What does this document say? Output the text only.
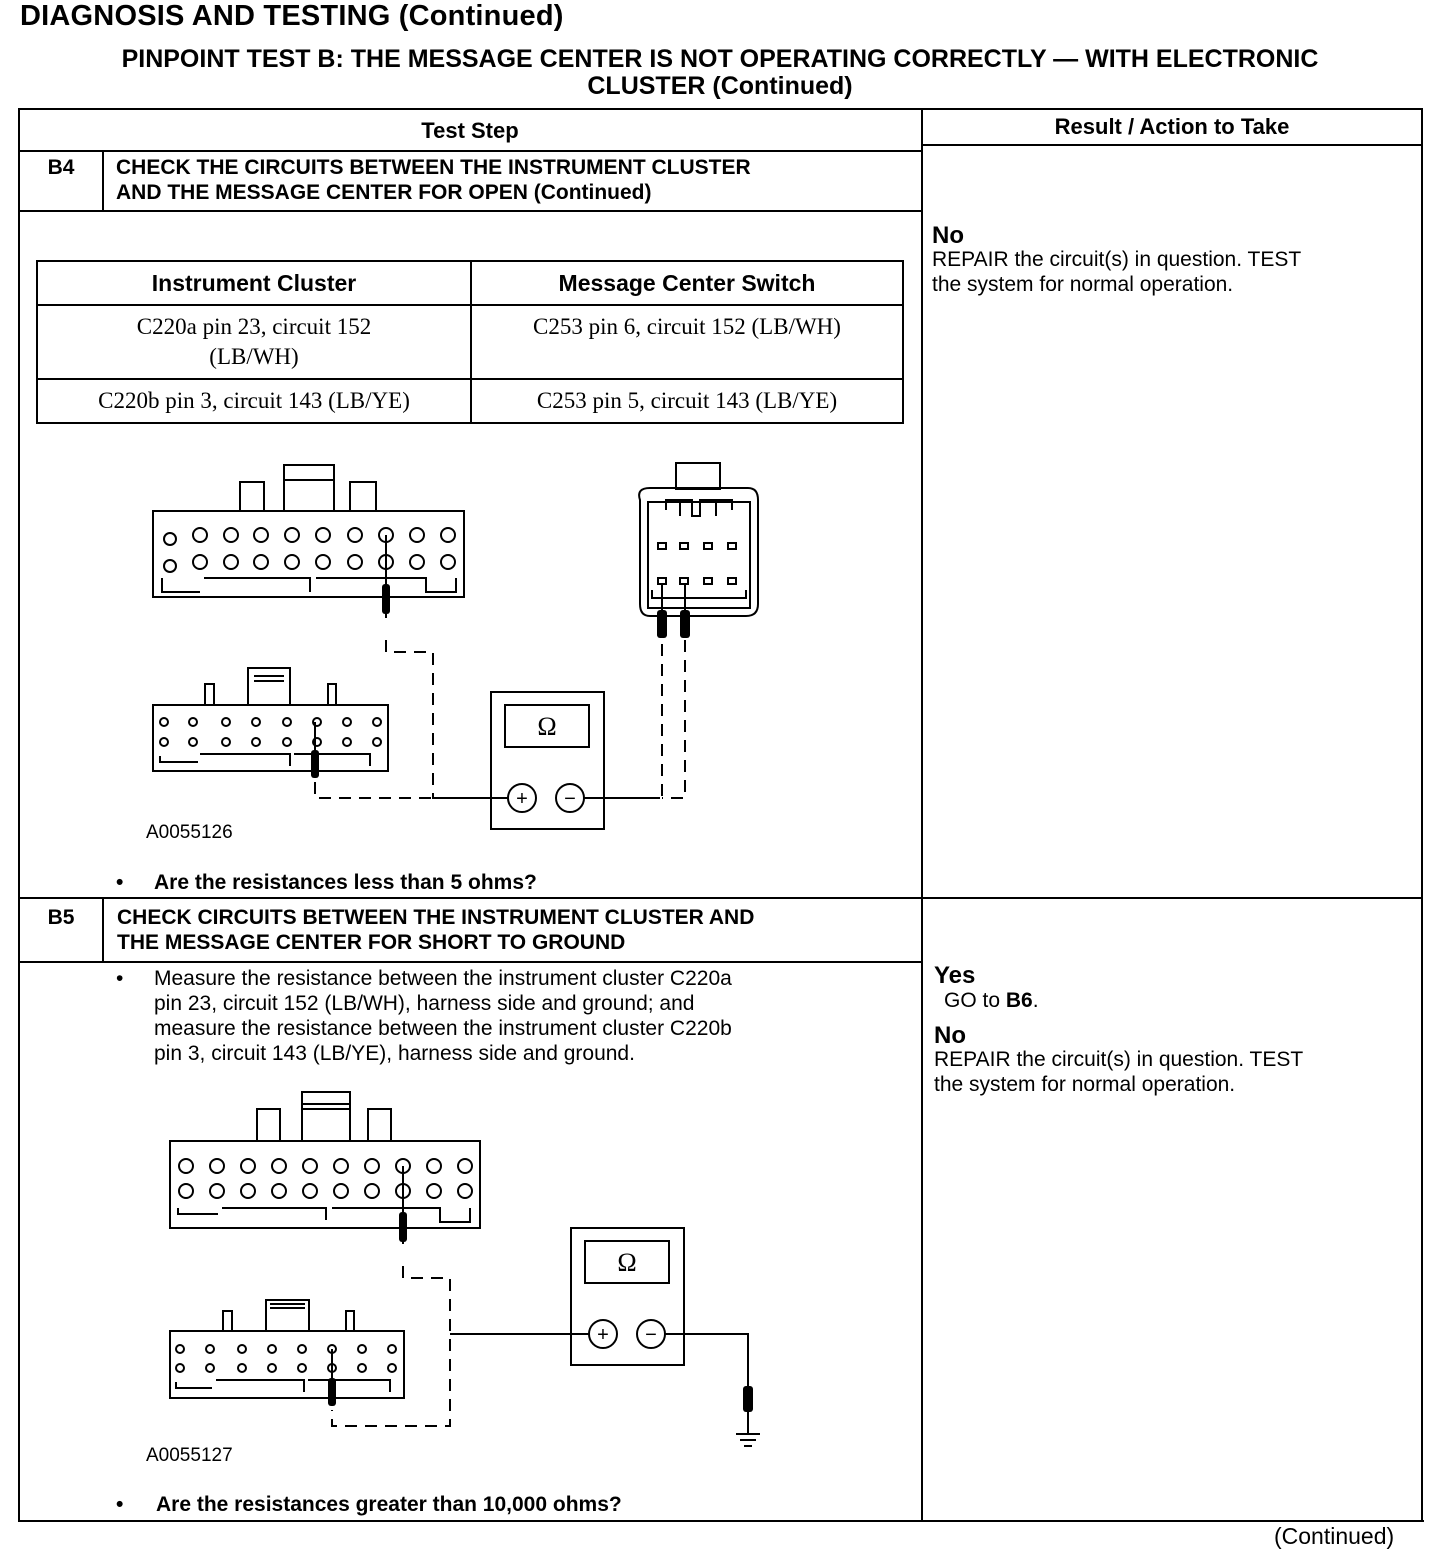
DIAGNOSIS AND TESTING (Continued)
PINPOINT TEST B: THE MESSAGE CENTER IS NOT OPERATING CORRECTLY — WITH ELECTRONIC
CLUSTER (Continued)
Test Step	Result / Action to Take
B4	CHECK THE CIRCUITS BETWEEN THE INSTRUMENT CLUSTER
AND THE MESSAGE CENTER FOR OPEN (Continued)
Instrument Cluster	Message Center Switch

C220a pin 23, circuit 152
(LB/WH)	C253 pin 6, circuit 152 (LB/WH)
C220b pin 3, circuit 143 (LB/YE)	C253 pin 5, circuit 143 (LB/YE)
Ω
+ −
A0055126
• Are the resistances less than 5 ohms?
No
REPAIR the circuit(s) in question. TEST
the system for normal operation.
B5	CHECK CIRCUITS BETWEEN THE INSTRUMENT CLUSTER AND
THE MESSAGE CENTER FOR SHORT TO GROUND
• Measure the resistance between the instrument cluster C220a
pin 23, circuit 152 (LB/WH), harness side and ground; and
measure the resistance between the instrument cluster C220b
pin 3, circuit 143 (LB/YE), harness side and ground.
Ω
+ −
A0055127
• Are the resistances greater than 10,000 ohms?
Yes
GO to B6.
No
REPAIR the circuit(s) in question. TEST
the system for normal operation.
(Continued)
